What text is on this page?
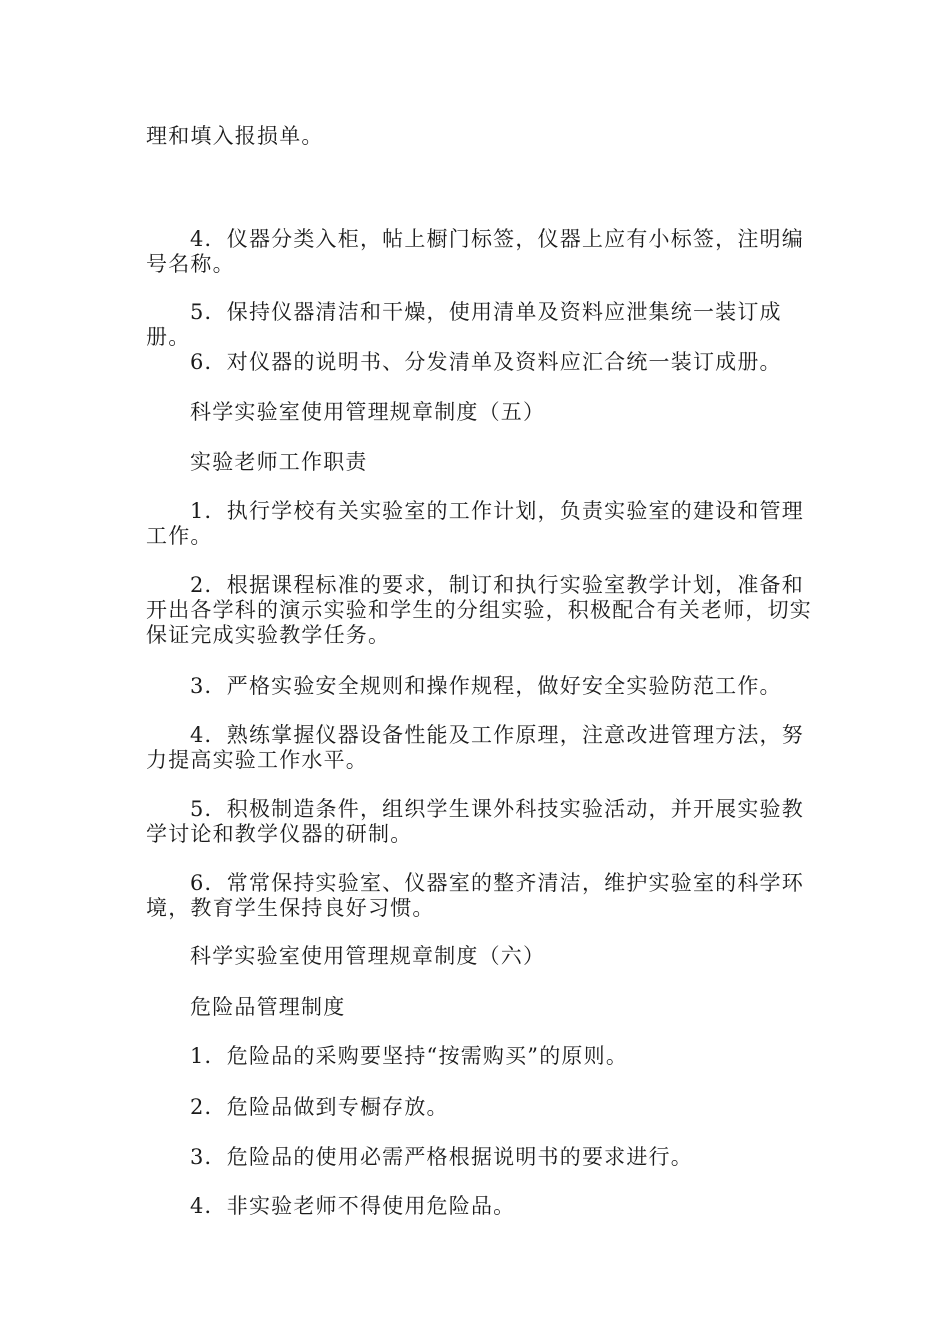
理和填入报损单。
4．仪器分类入柜，帖上橱门标签，仪器上应有小标签，注明编号名称。
5．保持仪器清洁和干燥，使用清单及资料应泄集统一装订成册。
6．对仪器的说明书、分发清单及资料应汇合统一装订成册。
科学实验室使用管理规章制度（五）
实验老师工作职责
1．执行学校有关实验室的工作计划，负责实验室的建设和管理工作。
2．根据课程标准的要求，制订和执行实验室教学计划，准备和开出各学科的演示实验和学生的分组实验，积极配合有关老师，切实保证完成实验教学任务。
3．严格实验安全规则和操作规程，做好安全实验防范工作。
4．熟练掌握仪器设备性能及工作原理，注意改进管理方法，努力提高实验工作水平。
5．积极制造条件，组织学生课外科技实验活动，并开展实验教学讨论和教学仪器的研制。
6．常常保持实验室、仪器室的整齐清洁，维护实验室的科学环境，教育学生保持良好习惯。
科学实验室使用管理规章制度（六）
危险品管理制度
1．危险品的采购要坚持“按需购买”的原则。
2．危险品做到专橱存放。
3．危险品的使用必需严格根据说明书的要求进行。
4．非实验老师不得使用危险品。
